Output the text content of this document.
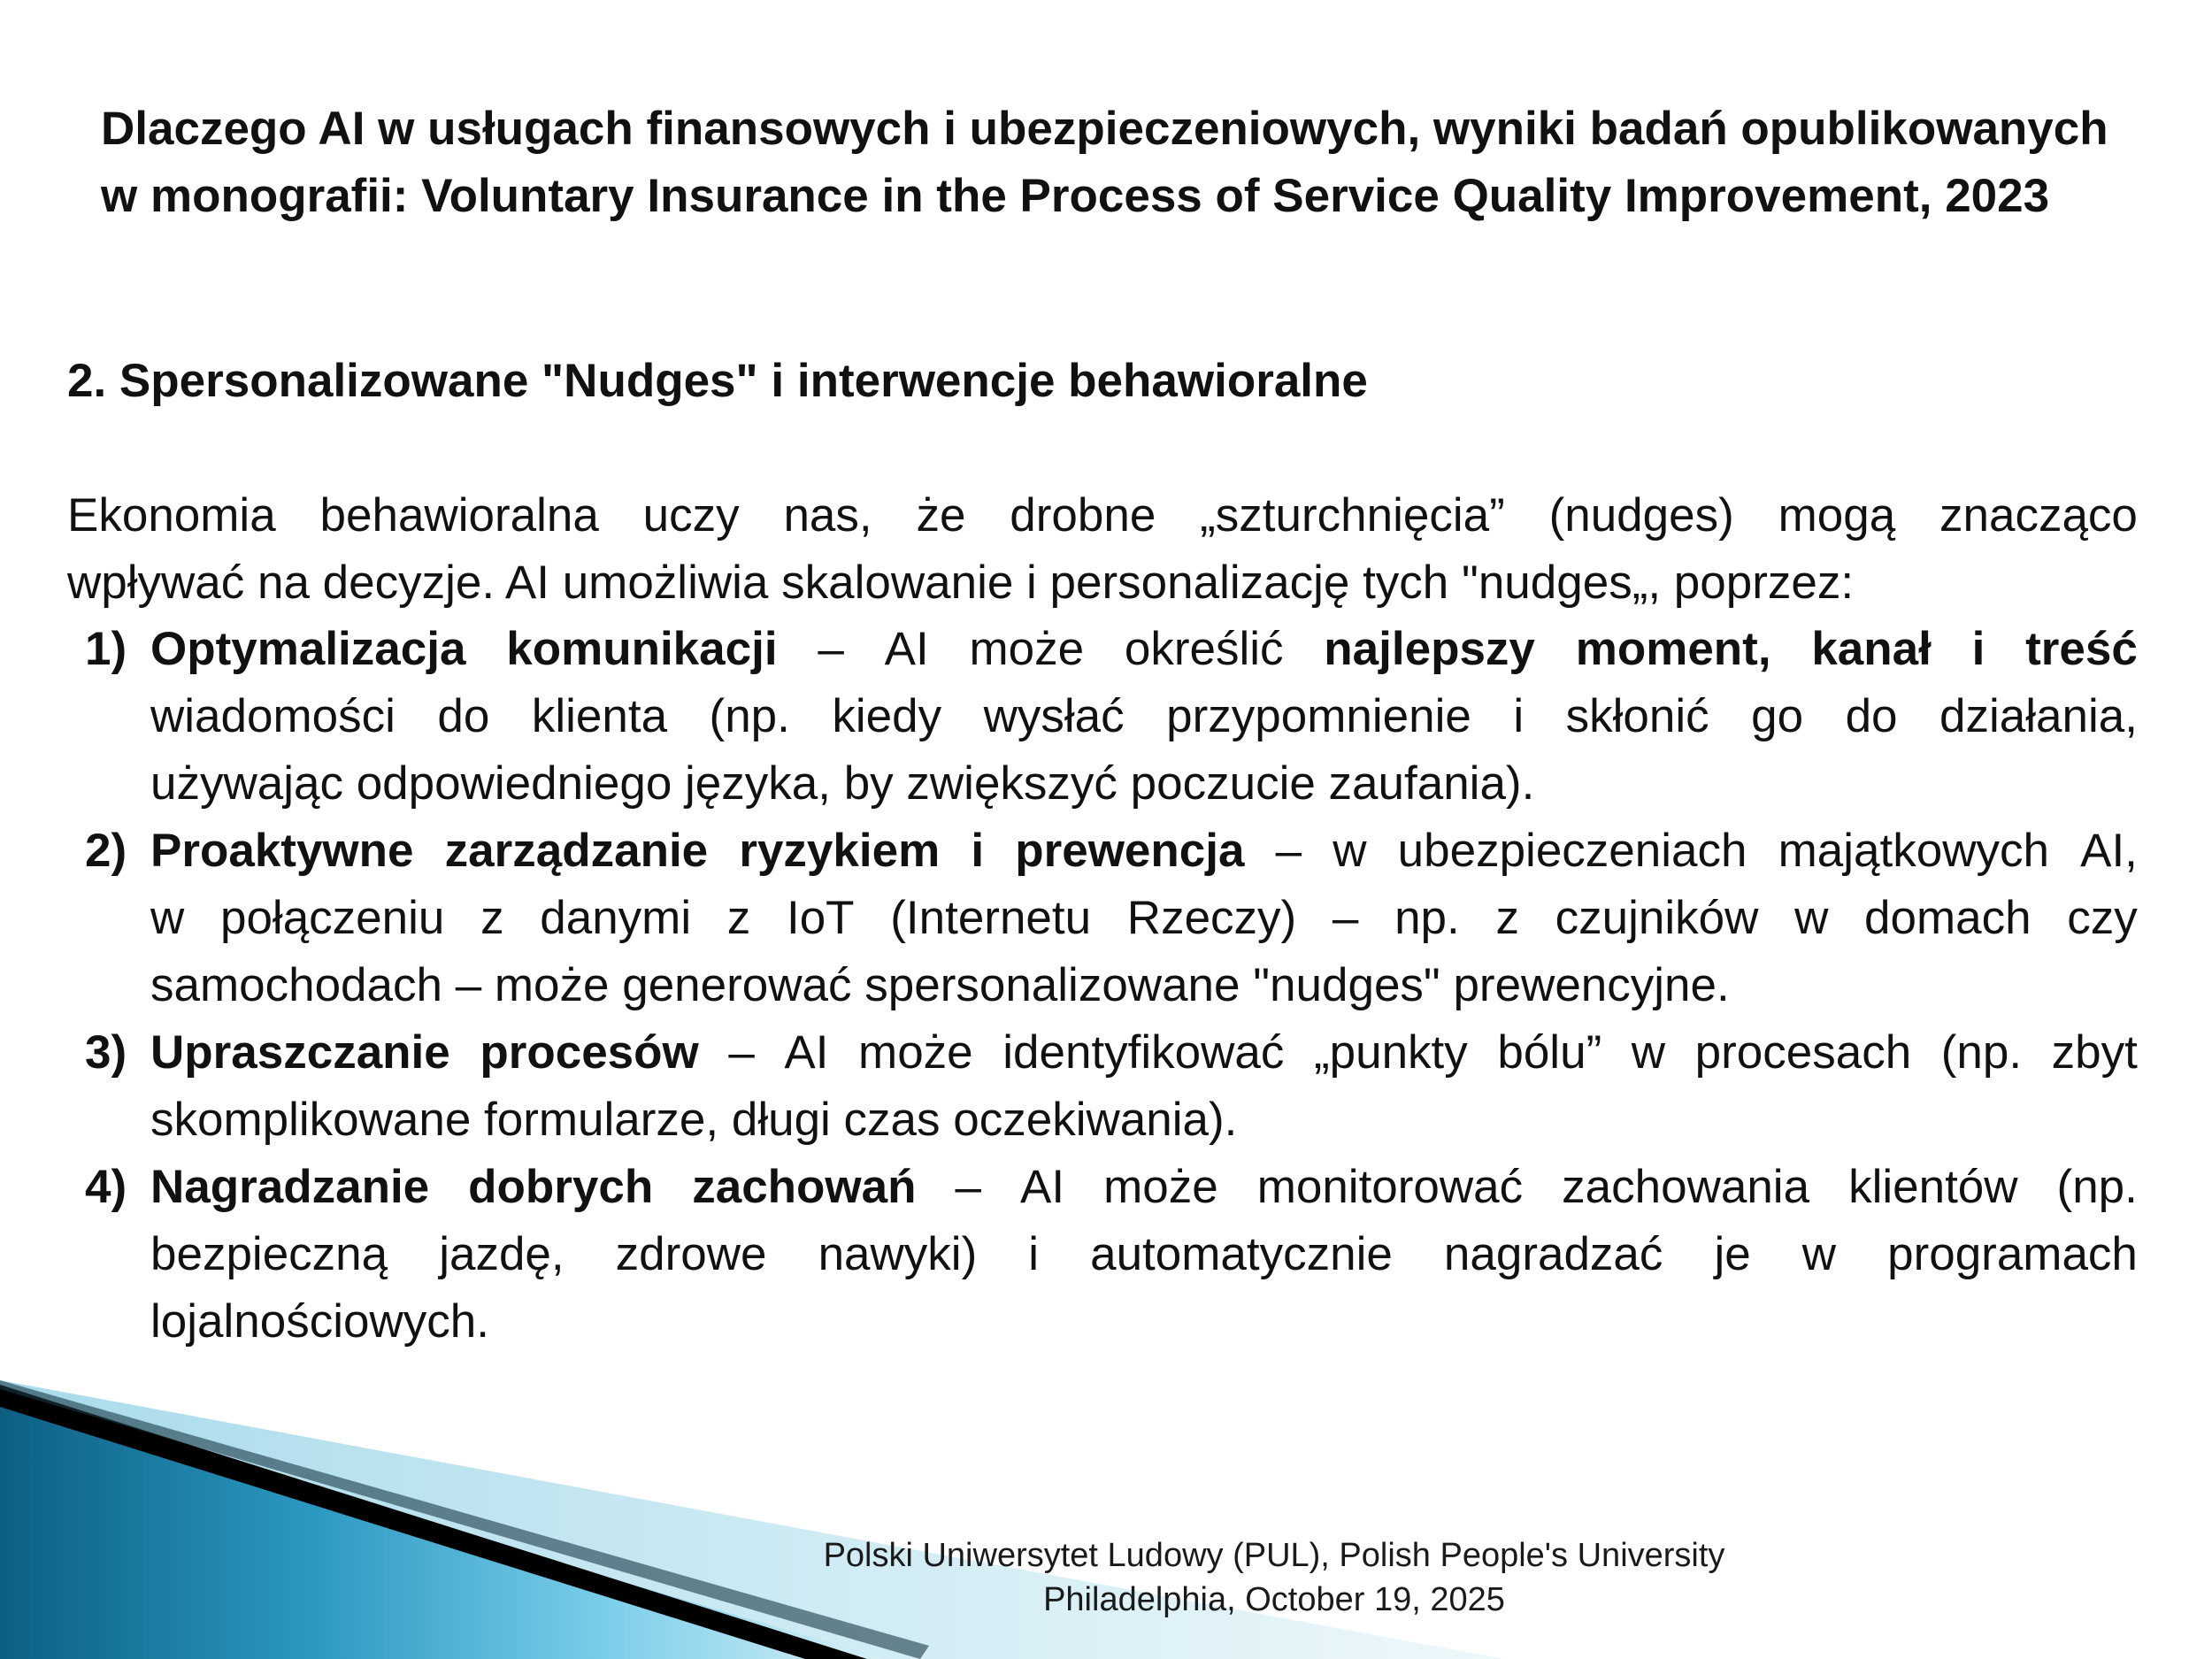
Dlaczego AI w usługach finansowych i ubezpieczeniowych, wyniki badań opublikowanych
w monografii: Voluntary Insurance in the Process of Service Quality Improvement, 2023
2. Spersonalizowane "Nudges" i interwencje behawioralne
Ekonomia behawioralna uczy nas, że drobne „szturchnięcia” (nudges) mogą znacząco
wpływać na decyzje. AI umożliwia skalowanie i personalizację tych "nudges„, poprzez:
1) Optymalizacja komunikacji – AI może określić najlepszy moment, kanał i treść
wiadomości do klienta (np. kiedy wysłać przypomnienie i skłonić go do działania,
używając odpowiedniego języka, by zwiększyć poczucie zaufania).
2) Proaktywne zarządzanie ryzykiem i prewencja – w ubezpieczeniach majątkowych AI,
w połączeniu z danymi z IoT (Internetu Rzeczy) – np. z czujników w domach czy
samochodach – może generować spersonalizowane "nudges" prewencyjne.
3) Upraszczanie procesów – AI może identyfikować „punkty bólu” w procesach (np. zbyt
skomplikowane formularze, długi czas oczekiwania).
4) Nagradzanie dobrych zachowań – AI może monitorować zachowania klientów (np.
bezpieczną jazdę, zdrowe nawyki) i automatycznie nagradzać je w programach
lojalnościowych.
Polski Uniwersytet Ludowy (PUL), Polish People's University
Philadelphia, October 19, 2025
